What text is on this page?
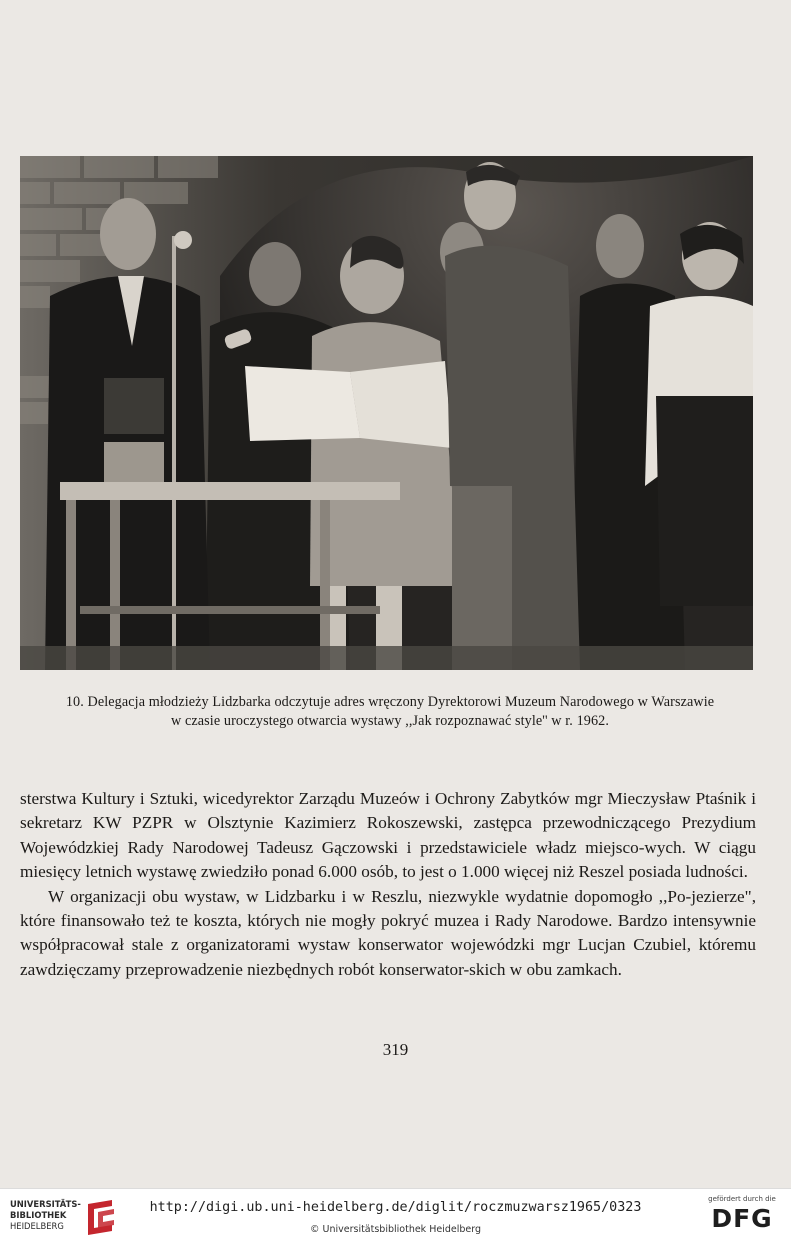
10. Delegacja młodzieży Lidzbarka odczytuje adres wręczony Dyrektorowi Muzeum Narodowego w Warszawie
w czasie uroczystego otwarcia wystawy ,,Jak rozpoznawać style'' w r. 1962.

sterstwa Kultury i Sztuki, wicedyrektor Zarządu Muzeów i Ochrony Zabytków mgr Mieczysław Ptaśnik i sekretarz KW PZPR w Olsztynie Kazimierz Rokoszewski, zastępca przewodniczącego Prezydium Wojewódzkiej Rady Narodowej Tadeusz Gączowski i przedstawiciele władz miejsco-wych. W ciągu miesięcy letnich wystawę zwiedziło ponad 6.000 osób, to jest o 1.000 więcej niż Reszel posiada ludności.

W organizacji obu wystaw, w Lidzbarku i w Reszlu, niezwykle wydatnie dopomogło ,,Po-jezierze", które finansowało też te koszta, których nie mogły pokryć muzea i Rady Narodowe. Bardzo intensywnie współpracował stale z organizatorami wystaw konserwator wojewódzki mgr Lucjan Czubiel, któremu zawdzięczamy przeprowadzenie niezbędnych robót konserwator-skich w obu zamkach.

319
UNIVERSITÄTS-
BIBLIOTHEK
HEIDELBERG
http://digi.ub.uni-heidelberg.de/diglit/roczmuzwarsz1965/0323
© Universitätsbibliothek Heidelberg
gefördert durch die
DFG
